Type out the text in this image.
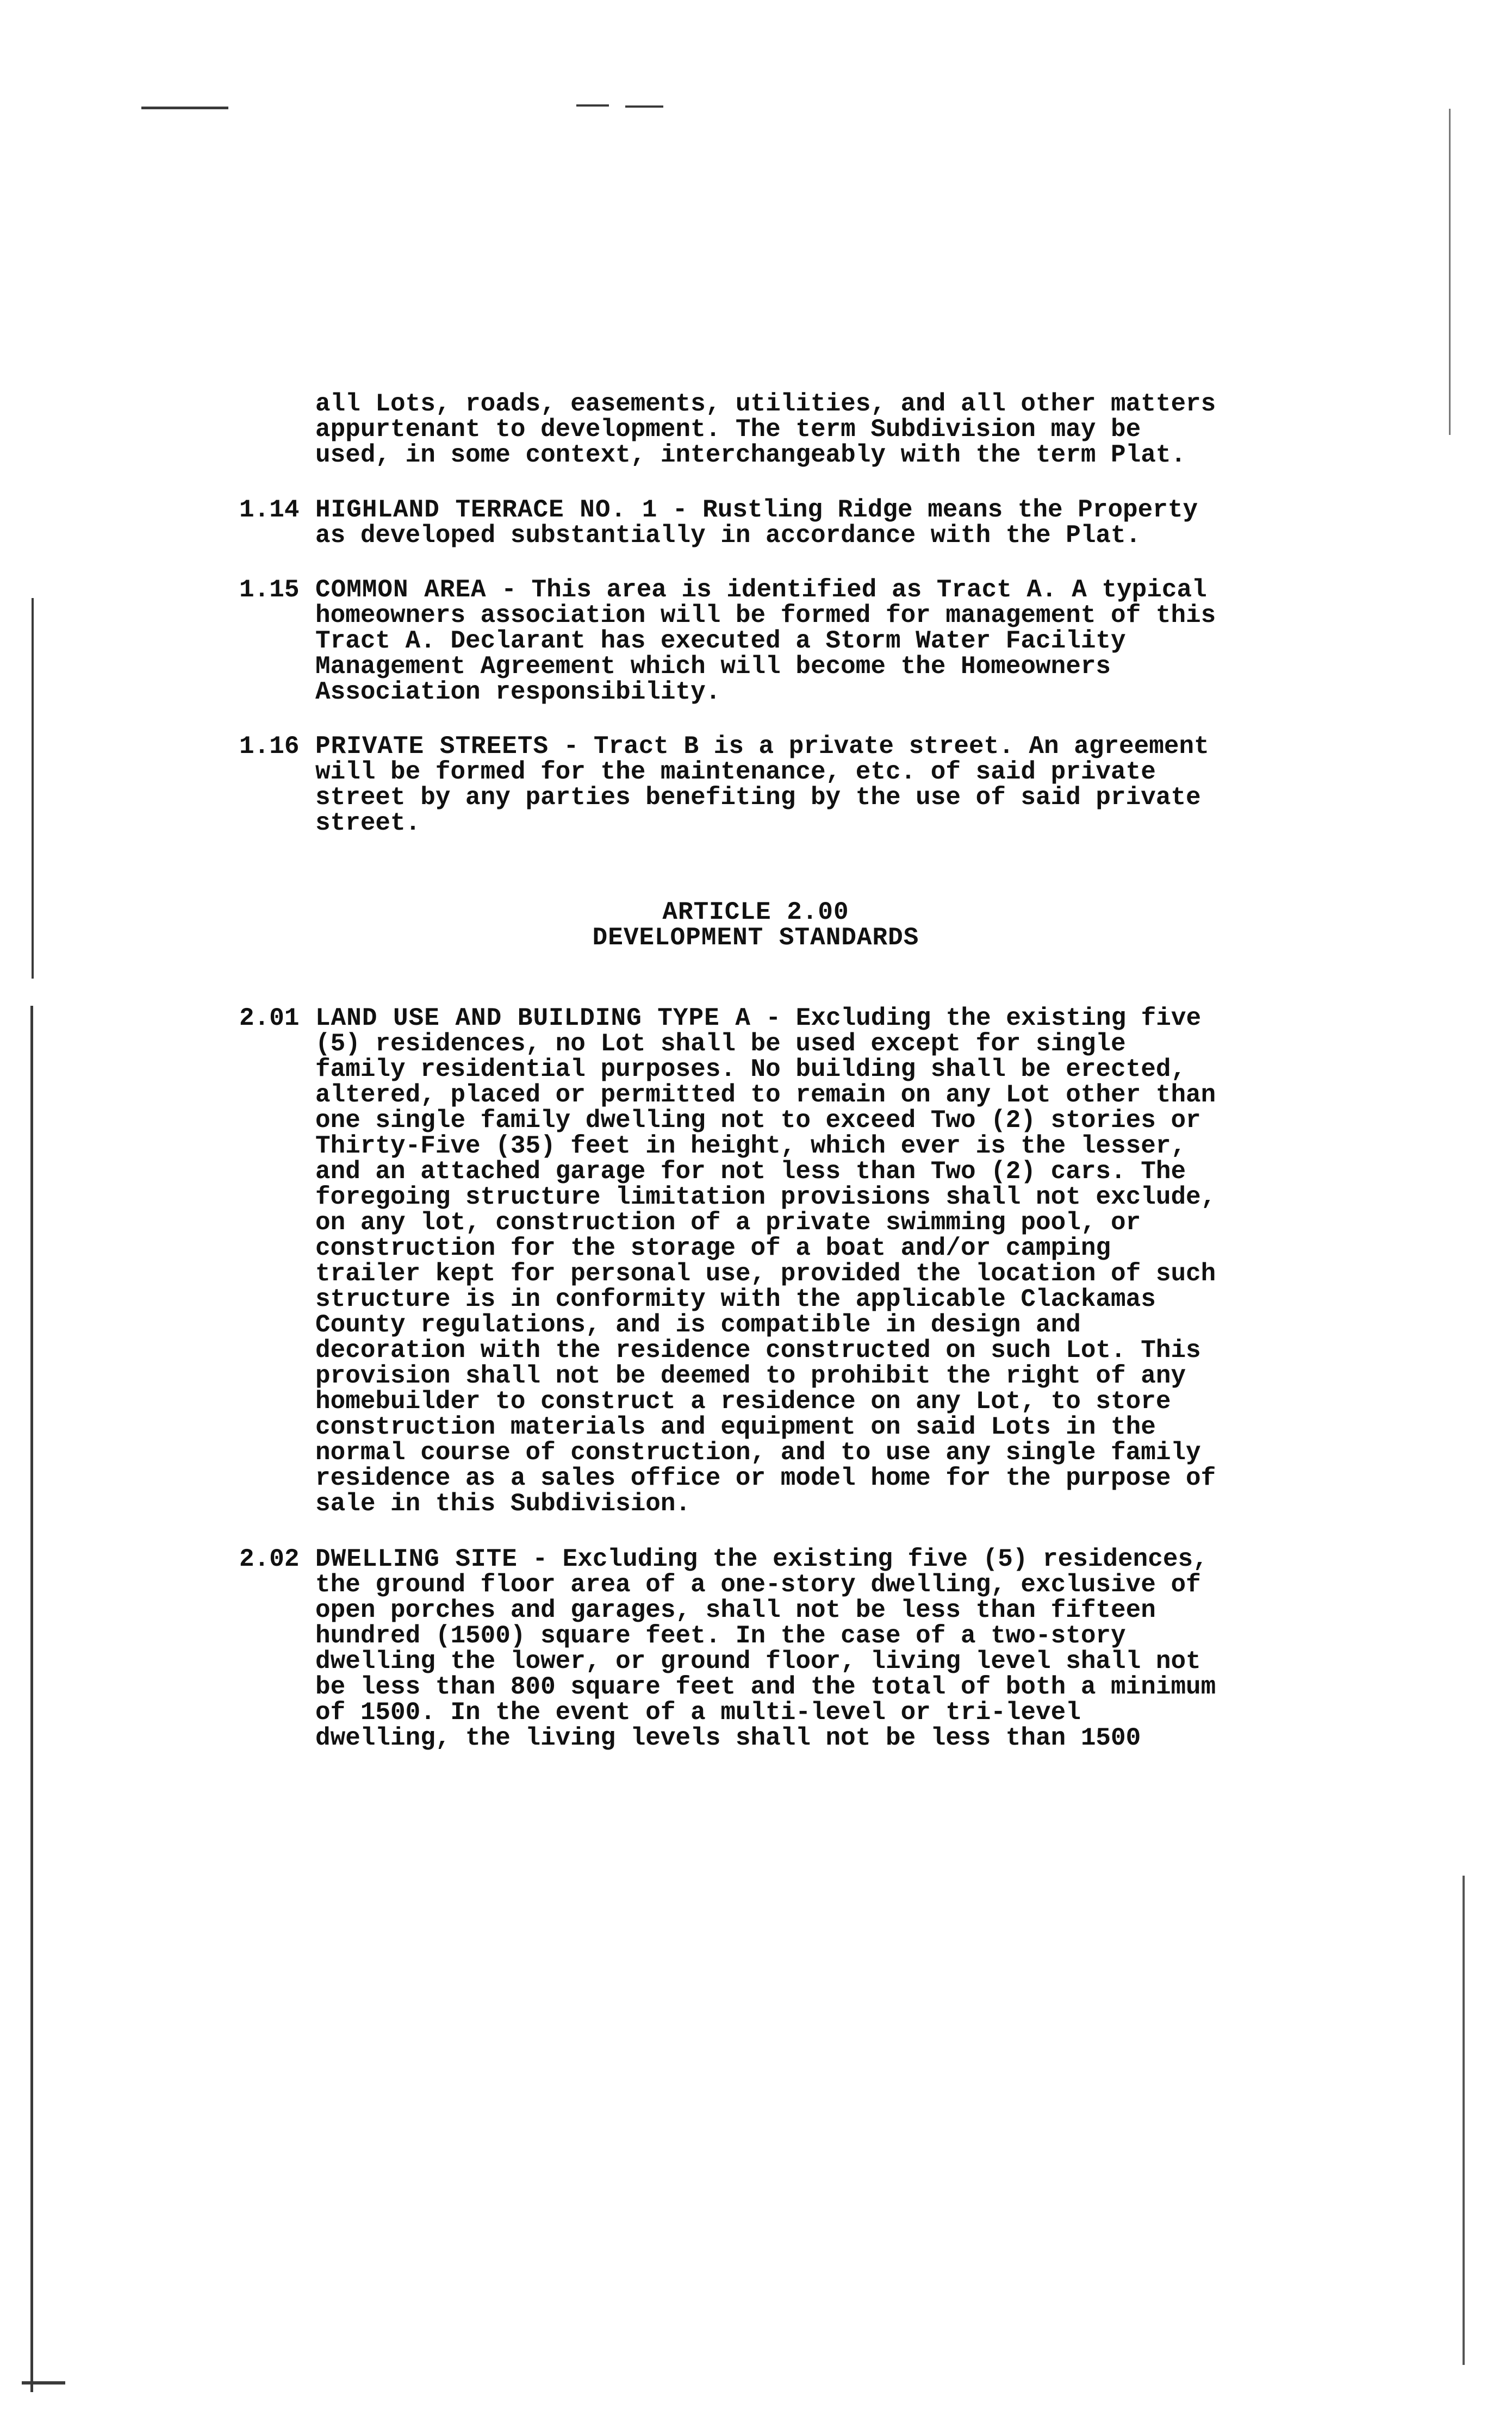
all Lots, roads, easements, utilities, and all other matters
appurtenant to development. The term Subdivision may be
used, in some context, interchangeably with the term Plat.
1.14 HIGHLAND TERRACE NO. 1 - Rustling Ridge means the Property
as developed substantially in accordance with the Plat.
1.15 COMMON AREA - This area is identified as Tract A. A typical
homeowners association will be formed for management of this
Tract A. Declarant has executed a Storm Water Facility
Management Agreement which will become the Homeowners
Association responsibility.
1.16 PRIVATE STREETS - Tract B is a private street. An agreement
will be formed for the maintenance, etc. of said private
street by any parties benefiting by the use of said private
street.
ARTICLE 2.00
DEVELOPMENT STANDARDS
2.01 LAND USE AND BUILDING TYPE A - Excluding the existing five
(5) residences, no Lot shall be used except for single
family residential purposes. No building shall be erected,
altered, placed or permitted to remain on any Lot other than
one single family dwelling not to exceed Two (2) stories or
Thirty-Five (35) feet in height, which ever is the lesser,
and an attached garage for not less than Two (2) cars. The
foregoing structure limitation provisions shall not exclude,
on any lot, construction of a private swimming pool, or
construction for the storage of a boat and/or camping
trailer kept for personal use, provided the location of such
structure is in conformity with the applicable Clackamas
County regulations, and is compatible in design and
decoration with the residence constructed on such Lot. This
provision shall not be deemed to prohibit the right of any
homebuilder to construct a residence on any Lot, to store
construction materials and equipment on said Lots in the
normal course of construction, and to use any single family
residence as a sales office or model home for the purpose of
sale in this Subdivision.
2.02 DWELLING SITE - Excluding the existing five (5) residences,
the ground floor area of a one-story dwelling, exclusive of
open porches and garages, shall not be less than fifteen
hundred (1500) square feet. In the case of a two-story
dwelling the lower, or ground floor, living level shall not
be less than 800 square feet and the total of both a minimum
of 1500. In the event of a multi-level or tri-level
dwelling, the living levels shall not be less than 1500
